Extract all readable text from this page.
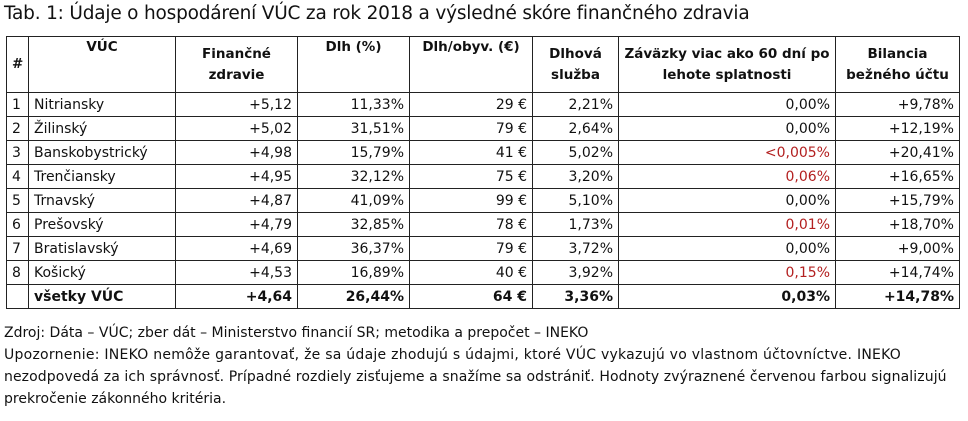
Tab. 1: Údaje o hospodárení VÚC za rok 2018 a výsledné skóre finančného zdravia
#	VÚC	Finančné zdravie	Dlh (%)	Dlh/obyv. (€)	Dlhová služba	Záväzky viac ako 60 dní po lehote splatnosti	Bilancia bežného účtu
1	Nitriansky	+5,12	11,33%	29 €	2,21%	0,00%	+9,78%
2	Žilinský	+5,02	31,51%	79 €	2,64%	0,00%	+12,19%
3	Banskobystrický	+4,98	15,79%	41 €	5,02%	<0,005%	+20,41%
4	Trenčiansky	+4,95	32,12%	75 €	3,20%	0,06%	+16,65%
5	Trnavský	+4,87	41,09%	99 €	5,10%	0,00%	+15,79%
6	Prešovský	+4,79	32,85%	78 €	1,73%	0,01%	+18,70%
7	Bratislavský	+4,69	36,37%	79 €	3,72%	0,00%	+9,00%
8	Košický	+4,53	16,89%	40 €	3,92%	0,15%	+14,74%
	všetky VÚC	+4,64	26,44%	64 €	3,36%	0,03%	+14,78%
Zdroj: Dáta – VÚC; zber dát – Ministerstvo financií SR; metodika a prepočet – INEKO
Upozornenie: INEKO nemôže garantovať, že sa údaje zhodujú s údajmi, ktoré VÚC vykazujú vo vlastnom účtovníctve. INEKO
nezodpovedá za ich správnosť. Prípadné rozdiely zisťujeme a snažíme sa odstrániť. Hodnoty zvýraznené červenou farbou signalizujú
prekročenie zákonného kritéria.
